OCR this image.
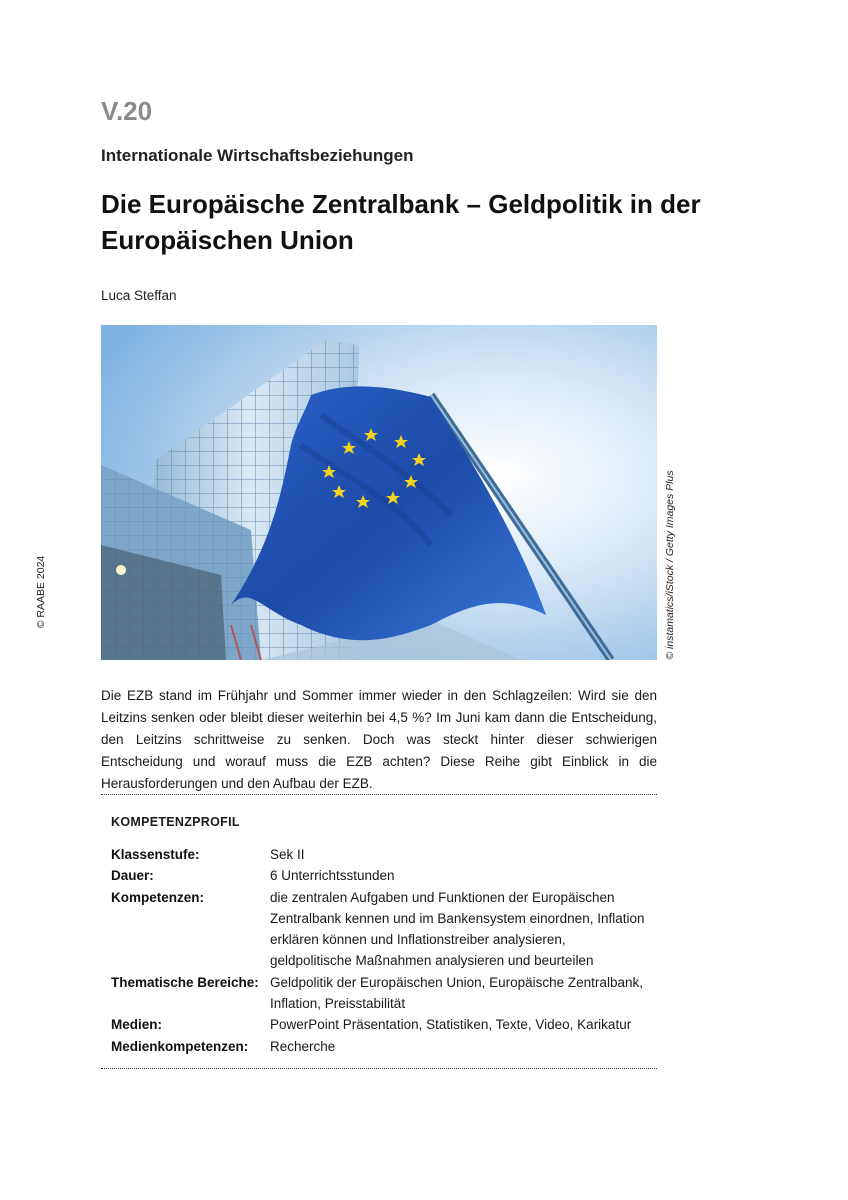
V.20
Internationale Wirtschaftsbeziehungen
Die Europäische Zentralbank – Geldpolitik in der Europäischen Union
Luca Steffan
© RAABE 2024	© instamatics/iStock / Getty Images Plus
Die EZB stand im Frühjahr und Sommer immer wieder in den Schlagzeilen: Wird sie den Leitzins senken oder bleibt dieser weiterhin bei 4,5 %? Im Juni kam dann die Entscheidung, den Leitzins schrittweise zu senken. Doch was steckt hinter dieser schwierigen Entscheidung und worauf muss die EZB achten? Diese Reihe gibt Einblick in die Herausforderungen und den Aufbau der EZB.
KOMPETENZPROFIL
Klassenstufe:	Sek II
Dauer:	6 Unterrichtsstunden
Kompetenzen:	die zentralen Aufgaben und Funktionen der Europäischen Zentralbank kennen und im Bankensystem einordnen, Inflation erklären können und Inflationstreiber analysieren, geldpolitische Maßnahmen analysieren und beurteilen
Thematische Bereiche:	Geldpolitik der Europäischen Union, Europäische Zentralbank, Inflation, Preisstabilität
Medien:	PowerPoint Präsentation, Statistiken, Texte, Video, Karikatur
Medienkompetenzen:	Recherche
